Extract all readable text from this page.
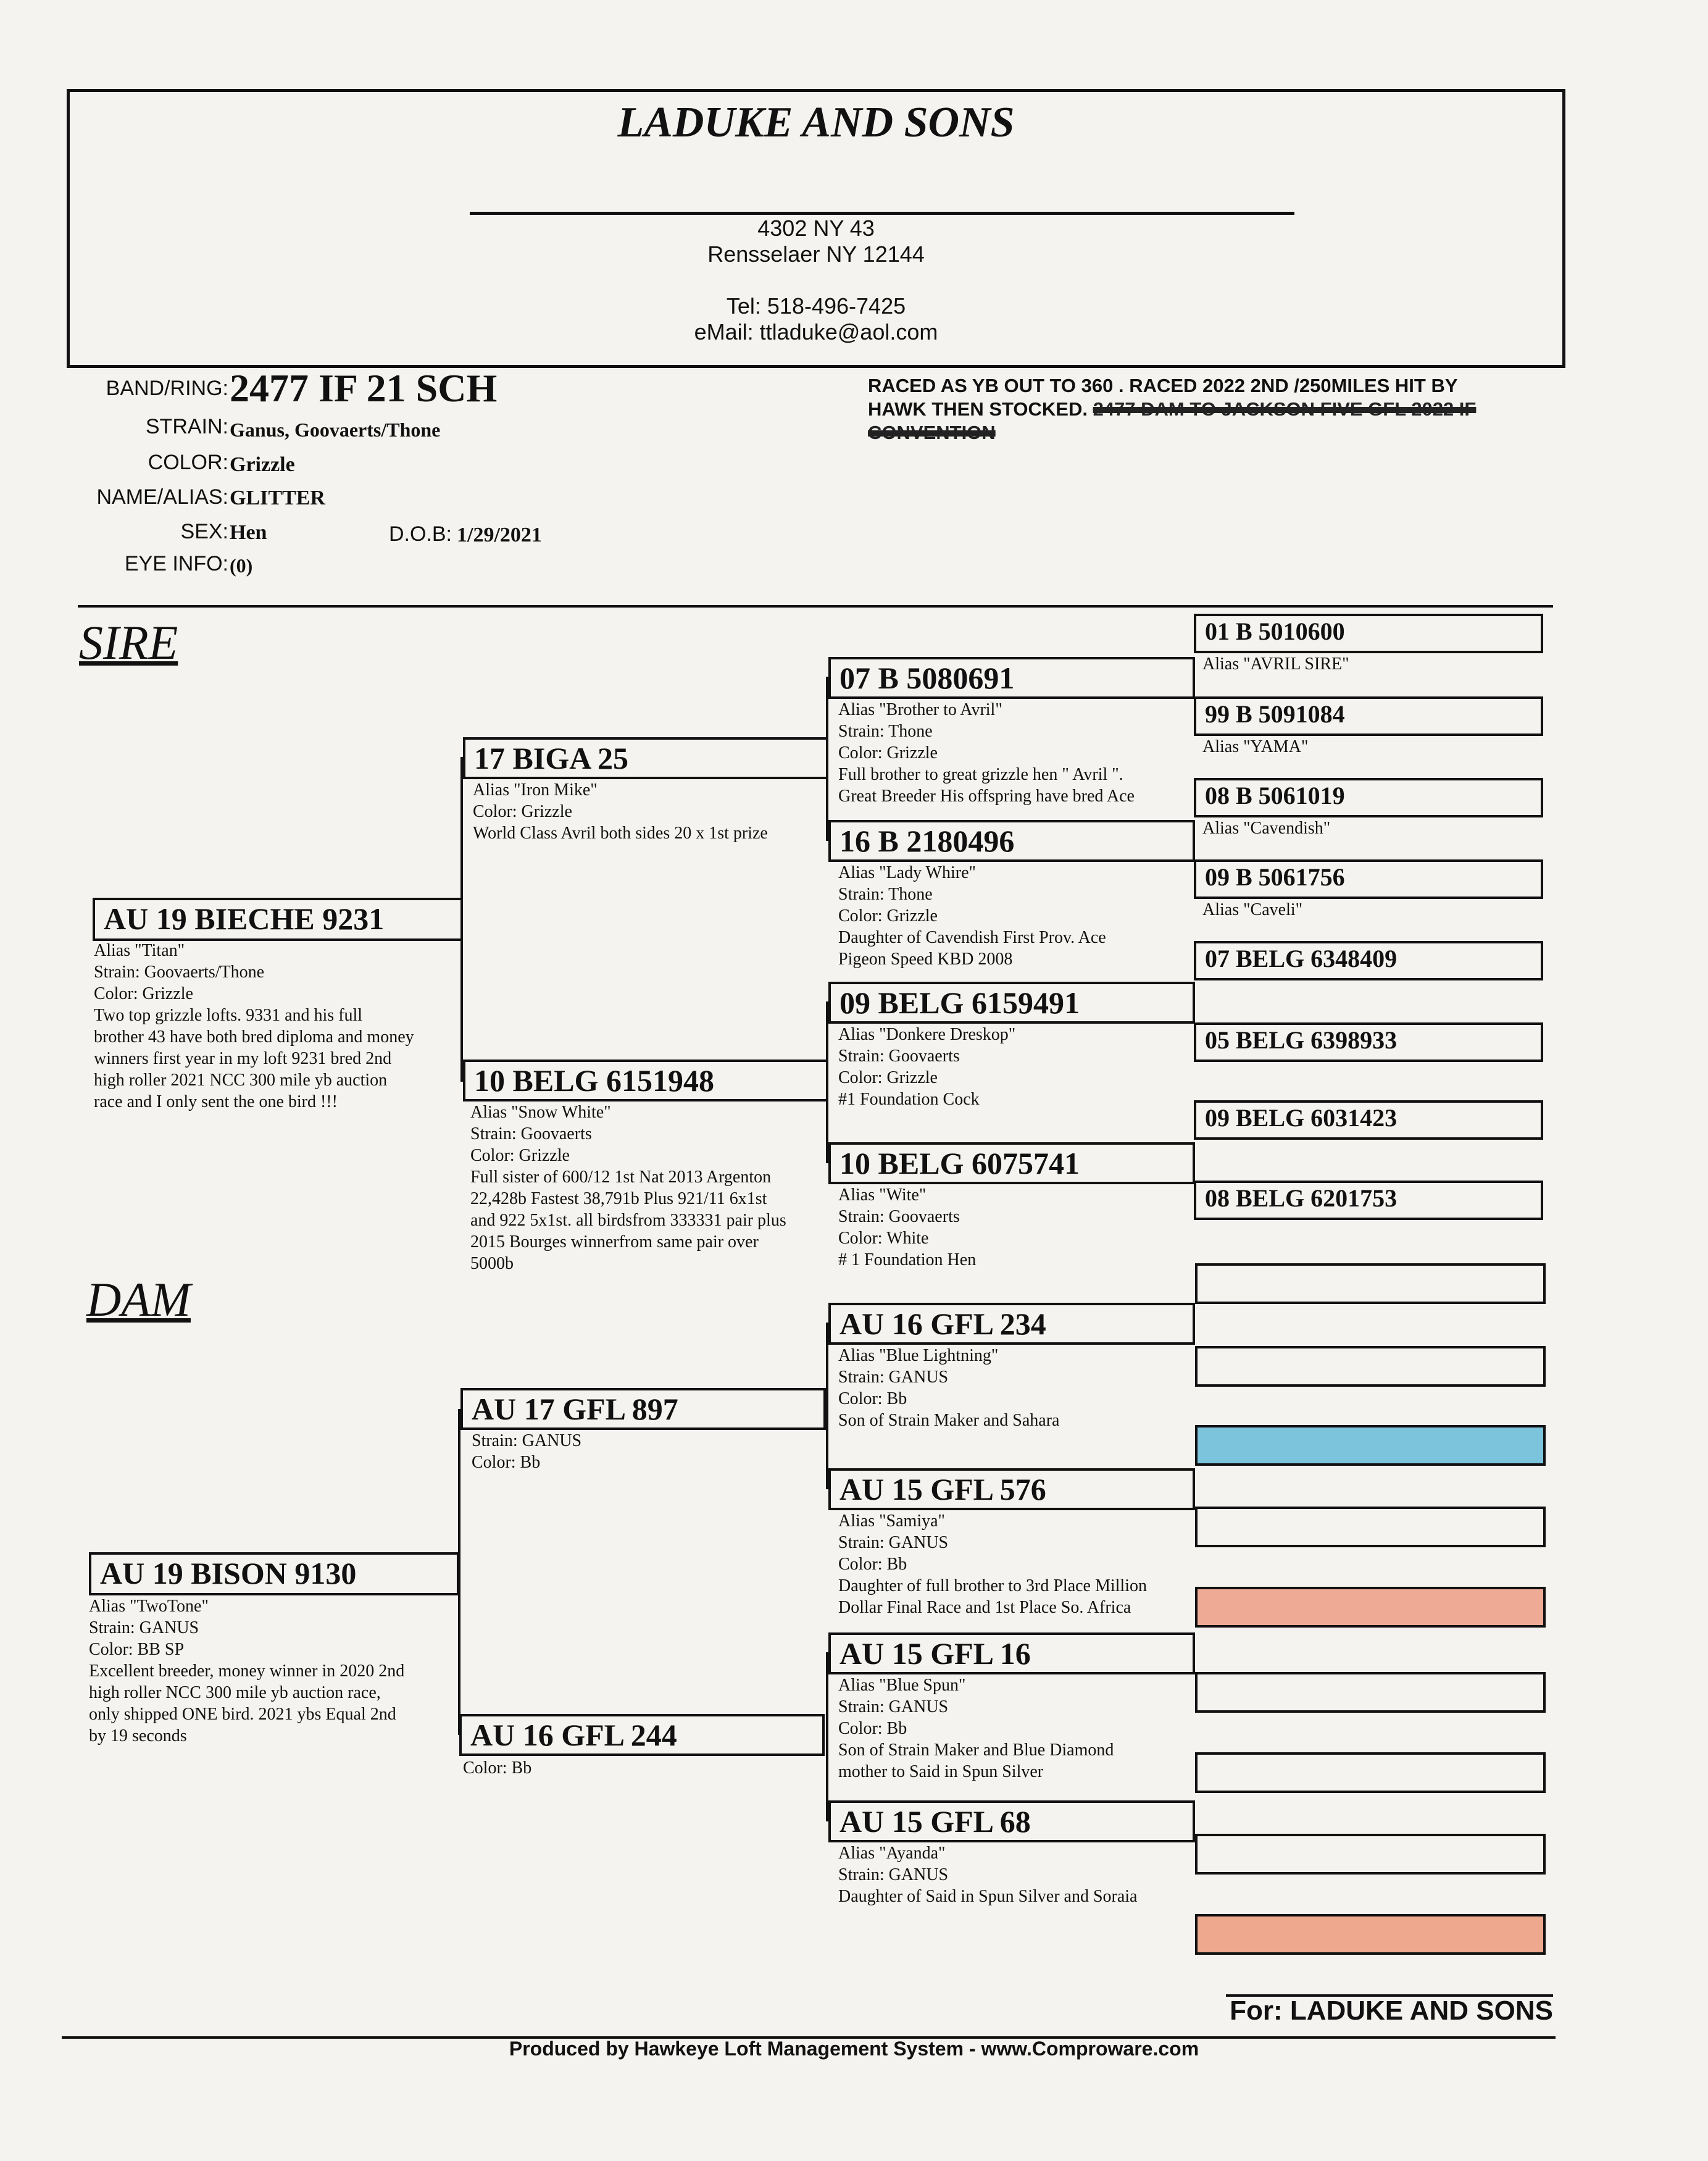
LADUKE AND SONS
4302 NY 43
Rensselaer NY 12144
Tel: 518-496-7425
eMail: ttladuke@aol.com
BAND/RING: 2477 IF 21 SCH
STRAIN: Ganus, Goovaerts/Thone
COLOR: Grizzle
NAME/ALIAS: GLITTER
SEX: Hen	D.O.B: 1/29/2021
EYE INFO: (0)
RACED AS YB OUT TO 360 . RACED 2022 2ND /250MILES HIT BY HAWK THEN STOCKED. 2477 DAM TO JACKSON FIVE GFL 2022 IF CONVENTION
SIRE
DAM
AU 19 BIECHE 9231
Alias "Titan"
Strain: Goovaerts/Thone
Color: Grizzle
Two top grizzle lofts. 9331 and his full
brother 43 have both bred diploma and money
winners first year in my loft 9231 bred 2nd
high roller 2021 NCC 300 mile yb auction
race and I only sent the one bird !!!
AU 19 BISON 9130
Alias "TwoTone"
Strain: GANUS
Color: BB SP
Excellent breeder, money winner in 2020 2nd
high roller NCC 300 mile yb auction race,
only shipped ONE bird. 2021 ybs Equal 2nd
by 19 seconds
17 BIGA 25
Alias "Iron Mike"
Color: Grizzle
World Class Avril both sides 20 x 1st prize
10 BELG 6151948
Alias "Snow White"
Strain: Goovaerts
Color: Grizzle
Full sister of 600/12 1st Nat 2013 Argenton
22,428b Fastest 38,791b Plus 921/11 6x1st
and 922 5x1st. all birdsfrom 333331 pair plus
2015 Bourges winnerfrom same pair over
5000b
AU 17 GFL 897
Strain: GANUS
Color: Bb
AU 16 GFL 244
Color: Bb
07 B 5080691
Alias "Brother to Avril"
Strain: Thone
Color: Grizzle
Full brother to great grizzle hen " Avril ".
Great Breeder His offspring have bred Ace
16 B 2180496
Alias "Lady Whire"
Strain: Thone
Color: Grizzle
Daughter of Cavendish First Prov. Ace
Pigeon Speed KBD 2008
09 BELG 6159491
Alias "Donkere Dreskop"
Strain: Goovaerts
Color: Grizzle
#1 Foundation Cock
10 BELG 6075741
Alias "Wite"
Strain: Goovaerts
Color: White
# 1 Foundation Hen
AU 16 GFL 234
Alias "Blue Lightning"
Strain: GANUS
Color: Bb
Son of Strain Maker and Sahara
AU 15 GFL 576
Alias "Samiya"
Strain: GANUS
Color: Bb
Daughter of full brother to 3rd Place Million
Dollar Final Race and 1st Place So. Africa
AU 15 GFL 16
Alias "Blue Spun"
Strain: GANUS
Color: Bb
Son of Strain Maker and Blue Diamond
mother to Said in Spun Silver
AU 15 GFL 68
Alias "Ayanda"
Strain: GANUS
Daughter of Said in Spun Silver and Soraia
01 B 5010600
Alias "AVRIL SIRE"
99 B 5091084
Alias "YAMA"
08 B 5061019
Alias "Cavendish"
09 B 5061756
Alias "Caveli"
07 BELG 6348409
05 BELG 6398933
09 BELG 6031423
08 BELG 6201753
For: LADUKE AND SONS
Produced by Hawkeye Loft Management System - www.Comproware.com
